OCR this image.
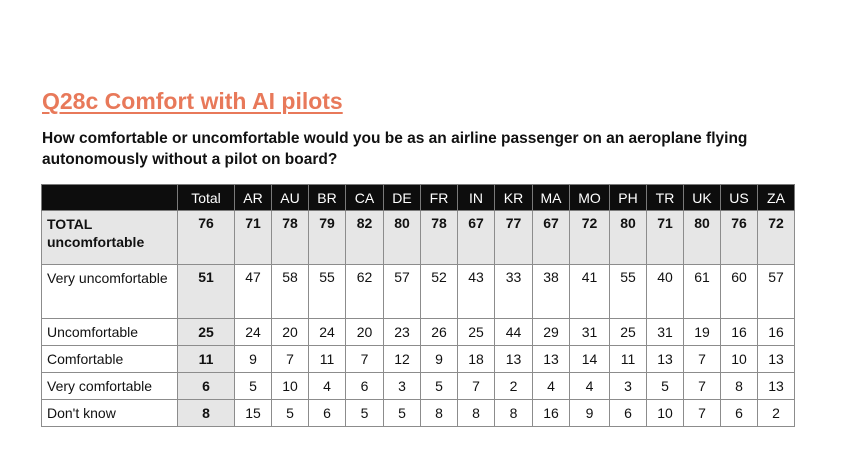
Q28c Comfort with AI pilots

How comfortable or uncomfortable would you be as an airline passenger on an aeroplane flying autonomously without a pilot on board?

	Total	AR	AU	BR	CA	DE	FR	IN	KR	MA	MO	PH	TR	UK	US	ZA
TOTAL uncomfortable	76	71	78	79	82	80	78	67	77	67	72	80	71	80	76	72
Very uncomfortable	51	47	58	55	62	57	52	43	33	38	41	55	40	61	60	57
Uncomfortable	25	24	20	24	20	23	26	25	44	29	31	25	31	19	16	16
Comfortable	11	9	7	11	7	12	9	18	13	13	14	11	13	7	10	13
Very comfortable	6	5	10	4	6	3	5	7	2	4	4	3	5	7	8	13
Don't know	8	15	5	6	5	5	8	8	8	16	9	6	10	7	6	2
